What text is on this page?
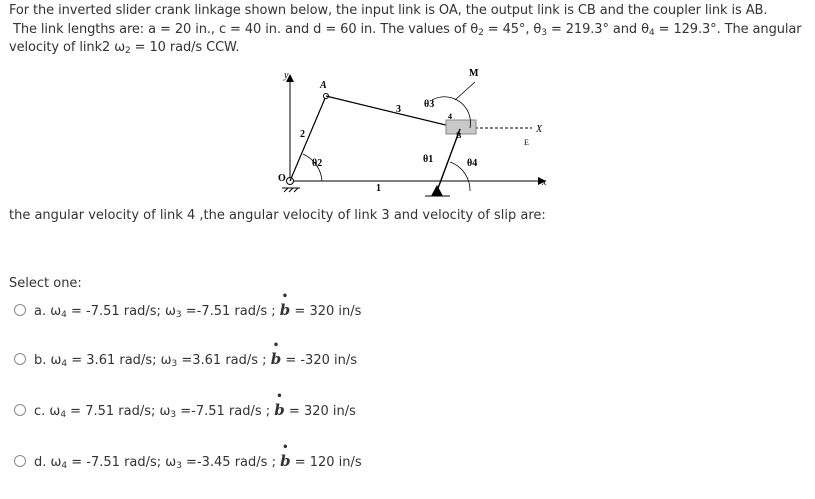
For the inverted slider crank linkage shown below, the input link is OA, the output link is CB and the coupler link is AB.
The link lengths are: a = 20 in., c = 40 in. and d = 60 in. The values of $\theta_2 = 45^\circ$, $\theta_3 = 219.3^\circ$ and $\theta_4 = 129.3^\circ$. The angular
velocity of link2 $\omega_2 = 10$ rad/s CCW.
y
A
M
3 θ3
4
B
X
2
θ2
E
θ1	θ4
O
1
x
the angular velocity of link 4 ,the angular velocity of link 3 and velocity of slip are:
Select one:
a. $\omega_4 = -7.51$ rad/s; $\omega_3 =-7.51$ rad/s ; • b = 320 in/s
b. $\omega_4 = 3.61$ rad/s; $\omega_3 =3.61$ rad/s ; • b = -320 in/s
c. $\omega_4 = 7.51$ rad/s; $\omega_3 =-7.51$ rad/s ; • b = 320 in/s
d. $\omega_4 = -7.51$ rad/s; $\omega_3 =-3.45$ rad/s ; • b = 120 in/s
